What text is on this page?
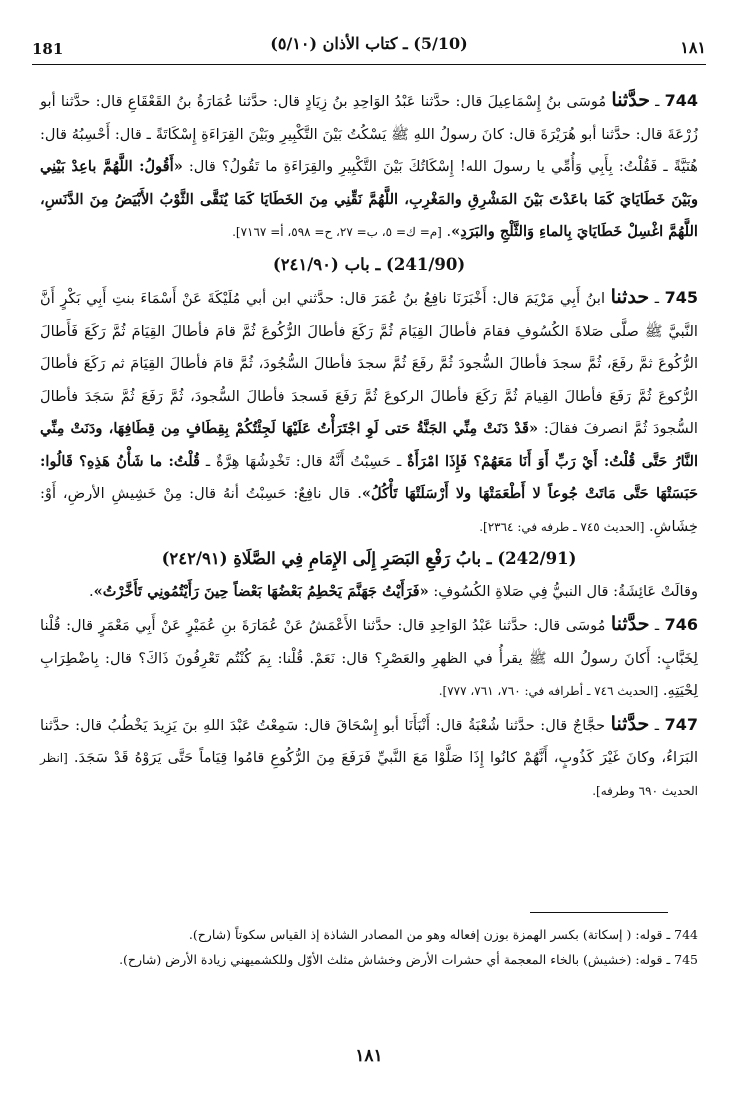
181	(5/10) ـ كتاب الأذان (٥/١٠)	١٨١

744 ـ حدَّثنا مُوسَى بنُ إِسْمَاعِيلَ قال: حدَّثنا عَبْدُ الوَاحِدِ بنُ زِيَادٍ قال: حدَّثنا عُمَارَةُ بنُ القَعْقَاعِ قال: حدَّثنا أبو زُرْعَةَ قال: حدَّثنا أبو هُرَيْرَةَ قال: كانَ رسولُ اللهِ ﷺ يَسْكُتُ بَيْنَ التَّكْبِيرِ وبَيْنَ القِرَاءَةِ إِسْكَاتَةً ـ قال: أَحْسِبُهُ قال: هُنَيَّةً ـ فَقُلْتُ: بِأَبِي وَأُمِّي يا رسولَ الله! إِسْكَاتُكَ بَيْنَ التَّكْبِيرِ والقِرَاءَةِ ما تَقُولُ؟ قال: «أَقُولُ: اللَّهُمَّ باعِدْ بَيْنِي وبَيْنَ خَطَايَايَ كَمَا باعَدْتَ بَيْنَ المَشْرِقِ والمَغْرِبِ، اللَّهُمَّ نَقِّنِي مِنَ الخَطَايَا كَمَا يُنَقَّى الثَّوْبُ الأَبْيَضُ مِنَ الدَّنَسِ، اللَّهُمَّ اغْسِلْ خَطَايَايَ بِالماءِ وَالثَّلْجِ والبَرَدِ». [م= ك= ٥، ب= ٢٧، ح= ٥٩٨، أ= ٧١٦٧].

(241/90) ـ باب (٢٤١/٩٠)

745 ـ حدثنا ابنُ أَبِي مَرْيَمَ قال: أَخْبَرَنَا نافِعُ بنُ عُمَرَ قال: حدَّثني ابن أبي مُلَيْكَةَ عَنْ أَسْمَاءَ بنتِ أَبِي بَكْرٍ أَنَّ النَّبيَّ ﷺ صلَّى صَلاةَ الكُسُوفِ فقامَ فأطالَ القِيَامَ ثُمَّ رَكَعَ فأطالَ الرُّكُوعَ ثُمَّ قامَ فأطالَ القِيَامَ ثُمَّ رَكَعَ فَأَطالَ الرُّكُوعَ ثمَّ رفَعَ، ثُمَّ سجدَ فأطالَ السُّجودَ ثُمَّ رفَعَ ثُمَّ سجدَ فأطالَ السُّجُودَ، ثُمَّ قامَ فأطالَ القِيَامَ ثم رَكَعَ فأطالَ الرُّكوعَ ثُمَّ رَفَعَ فأطالَ القِيامَ ثُمَّ رَكَعَ فأطالَ الركوعَ ثُمَّ رَفَعَ فَسجدَ فأطالَ السُّجودَ، ثُمَّ رَفَعَ ثُمَّ سَجَدَ فأطالَ السُّجودَ ثُمَّ انصرفَ فقالَ: «قَدْ دَنَتْ مِنِّي الجَنَّةُ حَتى لَوِ اجْتَرَأْتُ عَلَيْهَا لَجِئْتُكُمْ بِقِطَافٍ مِن قِطَافِهَا، ودَنَتْ مِنِّي النَّارُ حَتَّى قُلْتُ: أَيْ رَبِّ أَوَ أَنَا مَعَهُمْ؟ فَإِذَا امْرَأَةٌ ـ حَسِبْتُ أَنَّهُ قال: تَخْدِشُهَا هِرَّةٌ ـ قُلْتُ: ما شَأْنُ هَذِهِ؟ قَالُوا: حَبَسَتْهَا حَتَّى مَاتَتْ جُوعاً لا أَطْعَمَتْهَا ولا أَرْسَلَتْهَا تَأْكُلُ». قال نافِعٌ: حَسِبْتُ أنهُ قال: مِنْ خَشِيشِ الأرضِ، أَوْ: خِشَاشِ. [الحديث ٧٤٥ ـ طرفه في: ٢٣٦٤].

(242/91) ـ بابُ رَفْعِ البَصَرِ إِلَى الإِمَامِ فِي الصَّلَاةِ (٢٤٢/٩١)

وقالَتْ عَائِشَةُ: قال النبيُّ فِي صَلاةِ الكُسُوفِ: «فَرَأَيْتُ جَهَنَّمَ يَحْطِمُ بَعْضُهَا بَعْضاً حِينَ رَأَيْتُمُونِي تَأَخَّرْتُ».

746 ـ حدَّثنا مُوسَى قال: حدَّثنا عَبْدُ الوَاحِدِ قال: حدَّثنا الأَعْمَشُ عَنْ عُمَارَةَ بنِ عُمَيْرٍ عَنْ أَبِي مَعْمَرٍ قال: قُلْنا لِخَبَّابٍ: أَكانَ رسولُ الله ﷺ يقرأُ في الظهرِ والعَصْرِ؟ قال: نَعَمْ. قُلْنا: بِمَ كُنْتُم تَعْرِفُونَ ذَاكَ؟ قال: بِاضْطِرَابِ لِحْيَتِهِ. [الحديث ٧٤٦ ـ أطرافه في: ٧٦٠، ٧٦١، ٧٧٧].

747 ـ حدَّثنا حجَّاجٌ قال: حدَّثنا شُعْبَةُ قال: أَنْبَأَنَا أبو إِسْحَاقَ قال: سَمِعْتُ عَبْدَ اللهِ بنَ يَزِيدَ يَخْطُبُ قال: حدَّثنا البَرَاءُ، وكانَ غَيْرَ كَذُوبٍ، أَنَّهُمْ كانُوا إِذَا صَلَّوْا مَعَ النَّبيِّ فَرَفَعَ مِنَ الرُّكُوعِ قامُوا قِيَاماً حَتَّى يَرَوْهُ قَدْ سَجَدَ. [انظر الحديث ٦٩٠ وطرفه].

744 ـ قوله: ( إسكاتة) بكسر الهمزة بوزن إفعاله وهو من المصادر الشاذة إذ القياس سكوتاً (شارح).

745 ـ قوله: (خشيش) بالخاء المعجمة أي حشرات الأرض وخشاش مثلث الأوّل وللكشميهني زيادة الأرض (شارح).

١٨١
